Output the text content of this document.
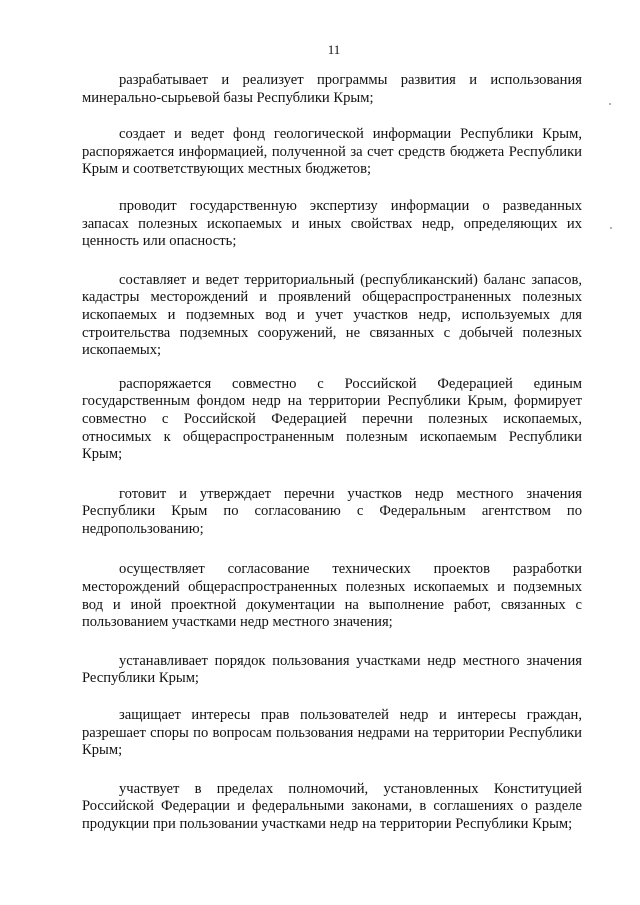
11

разрабатывает и реализует программы развития и использования минерально-сырьевой базы Республики Крым;

создает и ведет фонд геологической информации Республики Крым, распоряжается информацией, полученной за счет средств бюджета Республики Крым и соответствующих местных бюджетов;

проводит государственную экспертизу информации о разведанных запасах полезных ископаемых и иных свойствах недр, определяющих их ценность или опасность;

составляет и ведет территориальный (республиканский) баланс запасов, кадастры месторождений и проявлений общераспространенных полезных ископаемых и подземных вод и учет участков недр, используемых для строительства подземных сооружений, не связанных с добычей полезных ископаемых;

распоряжается совместно с Российской Федерацией единым государственным фондом недр на территории Республики Крым, формирует совместно с Российской Федерацией перечни полезных ископаемых, относимых к общераспространенным полезным ископаемым Республики Крым;

готовит и утверждает перечни участков недр местного значения Республики Крым по согласованию с Федеральным агентством по недропользованию;

осуществляет согласование технических проектов разработки месторождений общераспространенных полезных ископаемых и подземных вод и иной проектной документации на выполнение работ, связанных с пользованием участками недр местного значения;

устанавливает порядок пользования участками недр местного значения Республики Крым;

защищает интересы прав пользователей недр и интересы граждан, разрешает споры по вопросам пользования недрами на территории Республики Крым;

участвует в пределах полномочий, установленных Конституцией Российской Федерации и федеральными законами, в соглашениях о разделе продукции при пользовании участками недр на территории Республики Крым;
